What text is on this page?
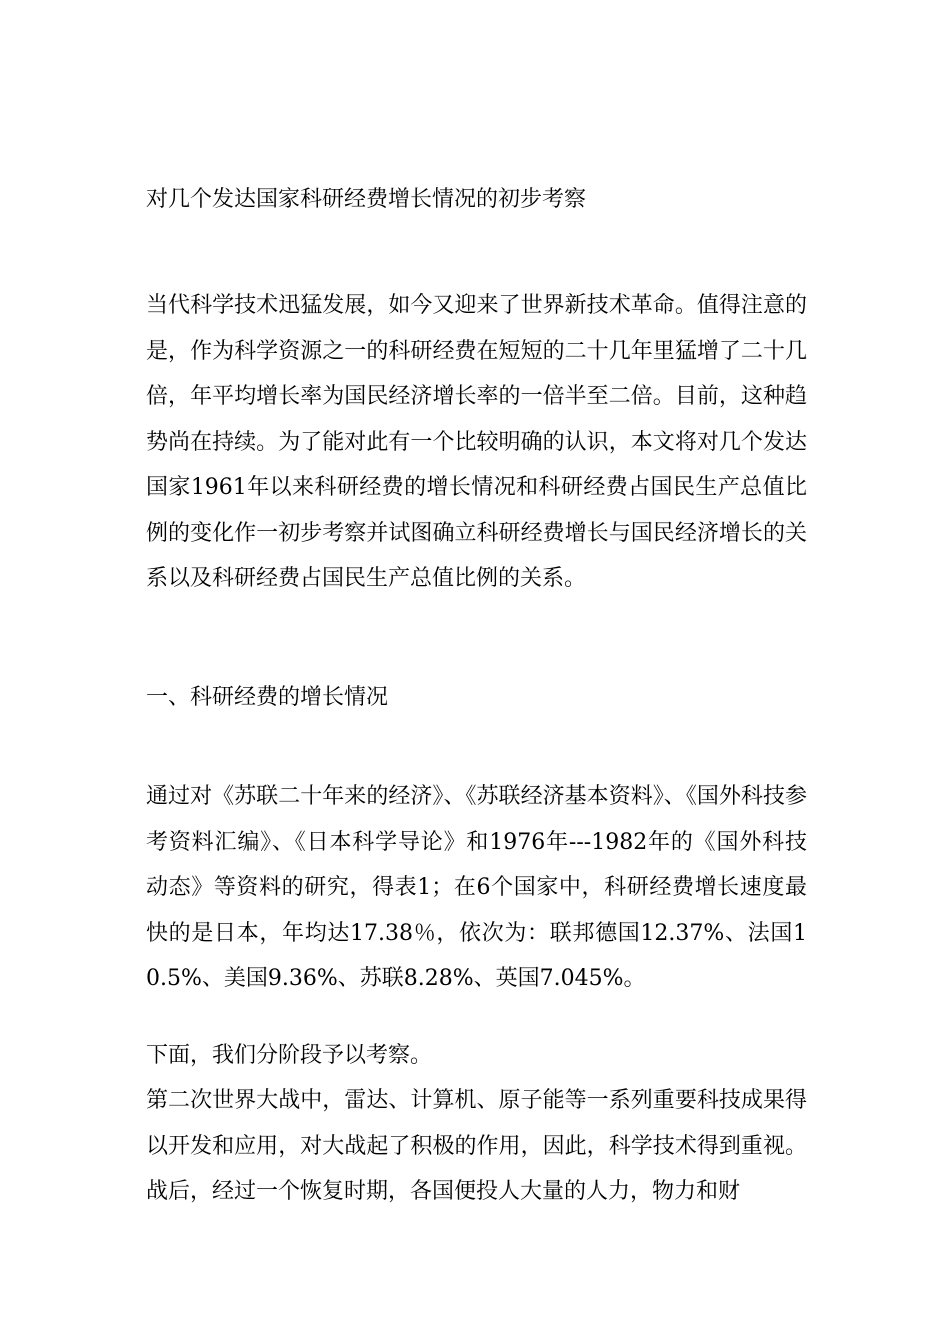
对几个发达国家科研经费增长情况的初步考察

当代科学技术迅猛发展，如今又迎来了世界新技术革命。值得注意的是，作为科学资源之一的科研经费在短短的二十几年里猛增了二十几倍，年平均增长率为国民经济增长率的一倍半至二倍。目前，这种趋势尚在持续。为了能对此有一个比较明确的认识，本文将对几个发达国家1961年以来科研经费的增长情况和科研经费占国民生产总值比例的变化作一初步考察并试图确立科研经费增长与国民经济增长的关系以及科研经费占国民生产总值比例的关系。

一、科研经费的增长情况

通过对《苏联二十年来的经济》、《苏联经济基本资料》、《国外科技参考资料汇编》、《日本科学导论》和1976年---1982年的《国外科技动态》等资料的研究，得表1；在6个国家中，科研经费增长速度最快的是日本，年均达17.38％，依次为：联邦德国12.37%、法国10.5%、美国9.36%、苏联8.28%、英国7.045%。

下面，我们分阶段予以考察。

第二次世界大战中，雷达、计算机、原子能等一系列重要科技成果得以开发和应用，对大战起了积极的作用，因此，科学技术得到重视。战后，经过一个恢复时期，各国便投人大量的人力，物力和财
